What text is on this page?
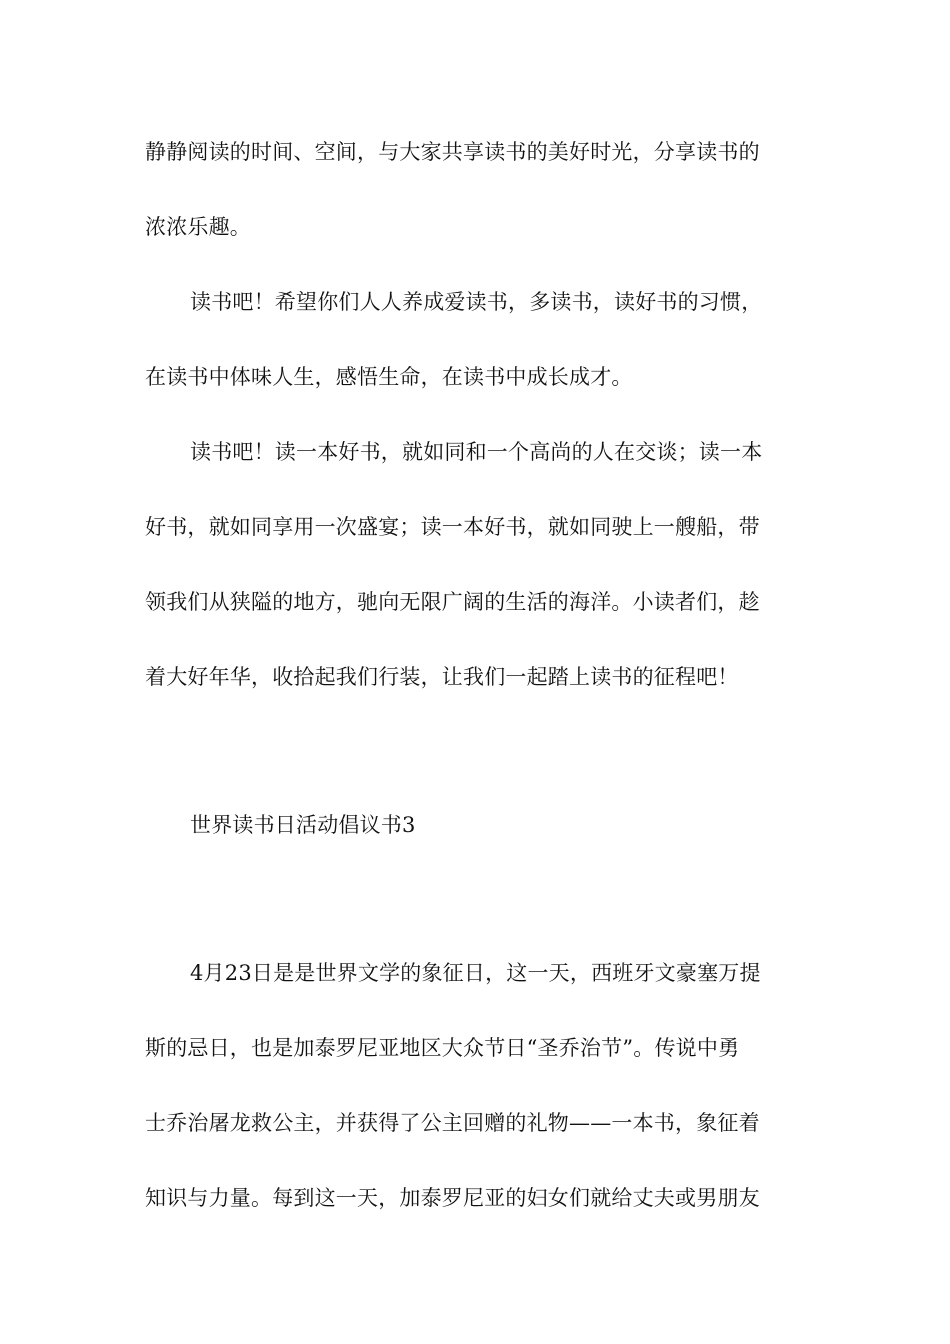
静静阅读的时间、空间，与大家共享读书的美好时光，分享读书的
浓浓乐趣。
读书吧！希望你们人人养成爱读书，多读书，读好书的习惯，
在读书中体味人生，感悟生命，在读书中成长成才。
读书吧！读一本好书，就如同和一个高尚的人在交谈；读一本
好书，就如同享用一次盛宴；读一本好书，就如同驶上一艘船，带
领我们从狭隘的地方，驰向无限广阔的生活的海洋。小读者们，趁
着大好年华，收拾起我们行装，让我们一起踏上读书的征程吧！
世界读书日活动倡议书3
4月23日是是世界文学的象征日，这一天，西班牙文豪塞万提
斯的忌日，也是加泰罗尼亚地区大众节日“圣乔治节”。传说中勇
士乔治屠龙救公主，并获得了公主回赠的礼物——一本书，象征着
知识与力量。每到这一天，加泰罗尼亚的妇女们就给丈夫或男朋友
